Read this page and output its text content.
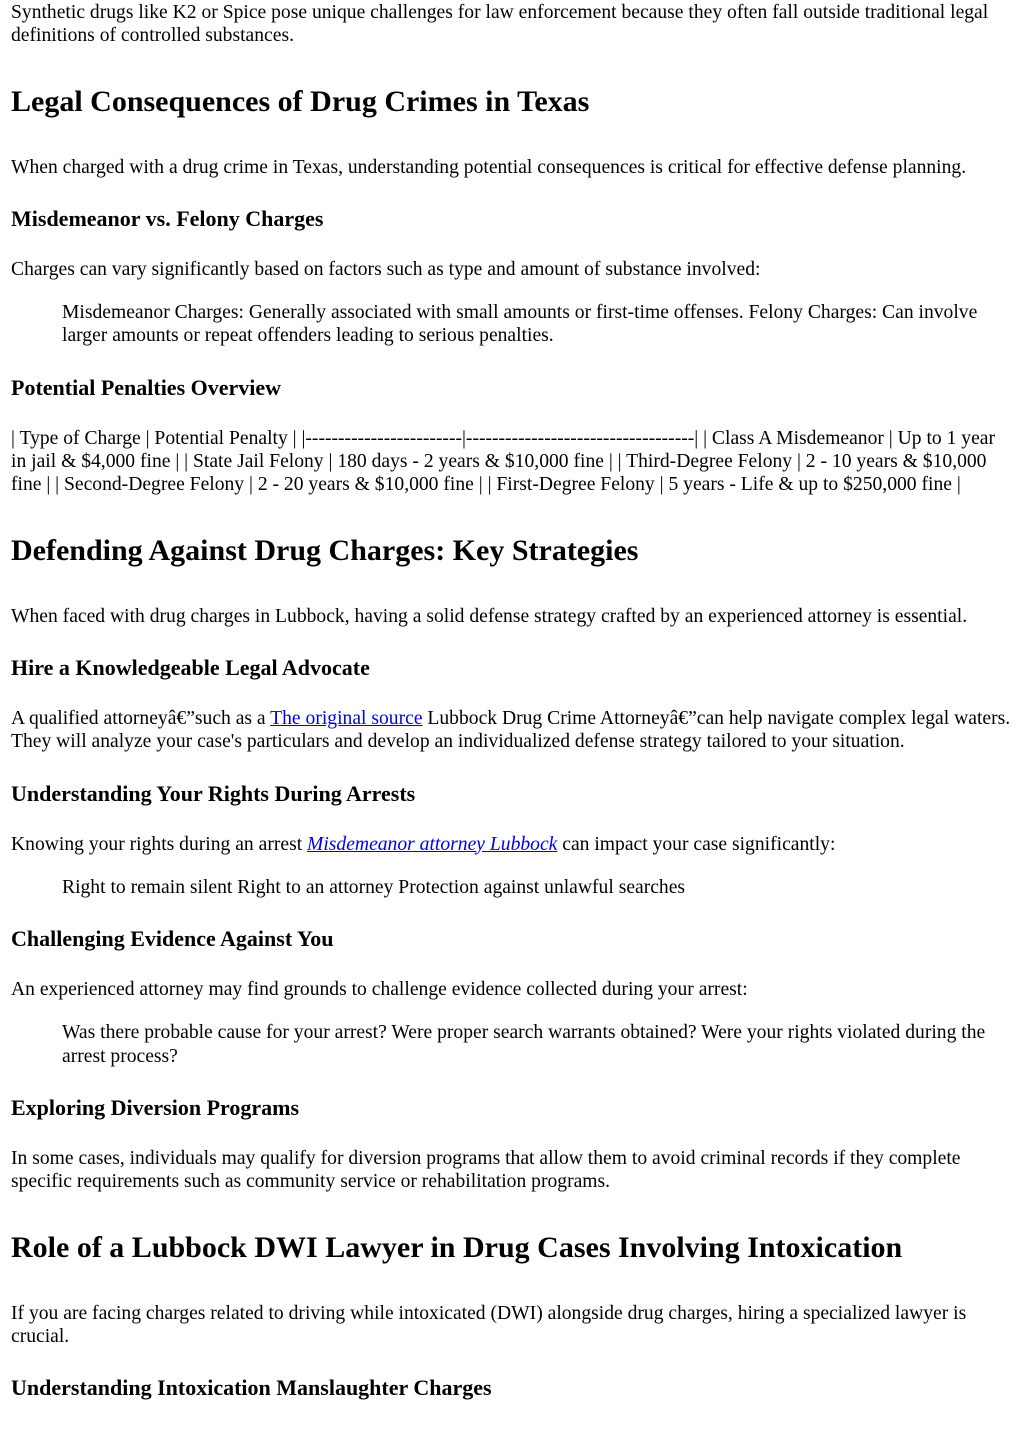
Synthetic drugs like K2 or Spice pose unique challenges for law enforcement because they often fall outside traditional legal definitions of controlled substances.

Legal Consequences of Drug Crimes in Texas

When charged with a drug crime in Texas, understanding potential consequences is critical for effective defense planning.

Misdemeanor vs. Felony Charges

Charges can vary significantly based on factors such as type and amount of substance involved:

Misdemeanor Charges: Generally associated with small amounts or first-time offenses. Felony Charges: Can involve larger amounts or repeat offenders leading to serious penalties.
Potential Penalties Overview

| Type of Charge | Potential Penalty | |------------------------|-----------------------------------| | Class A Misdemeanor | Up to 1 year in jail & $4,000 fine | | State Jail Felony | 180 days - 2 years & $10,000 fine | | Third-Degree Felony | 2 - 10 years & $10,000 fine | | Second-Degree Felony | 2 - 20 years & $10,000 fine | | First-Degree Felony | 5 years - Life & up to $250,000 fine |

Defending Against Drug Charges: Key Strategies

When faced with drug charges in Lubbock, having a solid defense strategy crafted by an experienced attorney is essential.

Hire a Knowledgeable Legal Advocate

A qualified attorneyâ€”such as a The original source Lubbock Drug Crime Attorneyâ€”can help navigate complex legal waters. They will analyze your case's particulars and develop an individualized defense strategy tailored to your situation.

Understanding Your Rights During Arrests

Knowing your rights during an arrest Misdemeanor attorney Lubbock can impact your case significantly:

Right to remain silent Right to an attorney Protection against unlawful searches
Challenging Evidence Against You

An experienced attorney may find grounds to challenge evidence collected during your arrest:

Was there probable cause for your arrest? Were proper search warrants obtained? Were your rights violated during the arrest process?
Exploring Diversion Programs

In some cases, individuals may qualify for diversion programs that allow them to avoid criminal records if they complete specific requirements such as community service or rehabilitation programs.

Role of a Lubbock DWI Lawyer in Drug Cases Involving Intoxication

If you are facing charges related to driving while intoxicated (DWI) alongside drug charges, hiring a specialized lawyer is crucial.

Understanding Intoxication Manslaughter Charges
